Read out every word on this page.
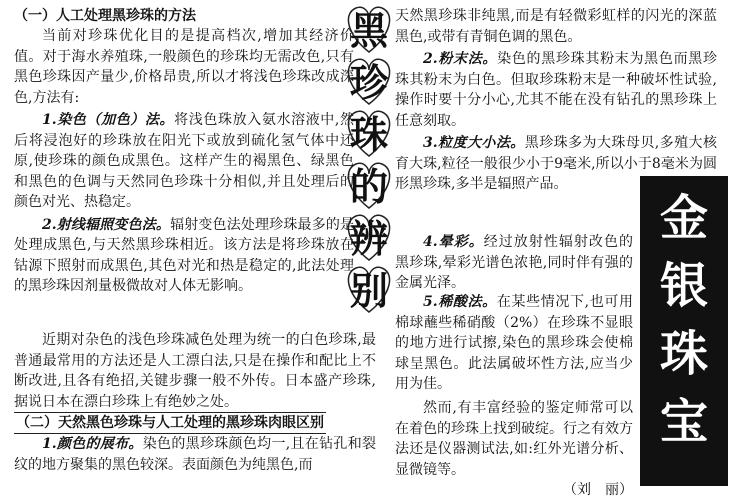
（一）人工处理黑珍珠的方法

当前对珍珠优化目的是提高档次,增加其经济价值。对于海水养殖珠,一般颜色的珍珠均无需改色,只有黑色珍珠因产量少,价格昂贵,所以才将浅色珍珠改成深色,方法有:

1.染色（加色）法。将浅色珠放入氨水溶液中,然后将浸泡好的珍珠放在阳光下或放到硫化氢气体中还原,使珍珠的颜色成黑色。这样产生的褐黑色、绿黑色和黑色的色调与天然同色珍珠十分相似,并且处理后的颜色对光、热稳定。

2.射线辐照变色法。辐射变色法处理珍珠最多的是处理成黑色,与天然黑珍珠相近。该方法是将珍珠放在钴源下照射而成黑色,其色对光和热是稳定的,此法处理的黑珍珠因剂量极微故对人体无影响。

近期对杂色的浅色珍珠减色处理为统一的白色珍珠,最普通最常用的方法还是人工漂白法,只是在操作和配比上不断改进,且各有绝招,关键步骤一般不外传。日本盛产珍珠,据说日本在漂白珍珠上有绝妙之处。

（二）天然黑色珍珠与人工处理的黑珍珠肉眼区别

1.颜色的展布。染色的黑珍珠颜色均一,且在钻孔和裂纹的地方聚集的黑色较深。表面颜色为纯黑色,而

黑
珍
珠
的
辨
别

天然黑珍珠非纯黑,而是有轻微彩虹样的闪光的深蓝黑色,或带有青铜色调的黑色。

2.粉末法。染色的黑珍珠其粉末为黑色而黑珍珠其粉末为白色。但取珍珠粉末是一种破坏性试验,操作时要十分小心,尤其不能在没有钻孔的黑珍珠上任意刻取。

3.粒度大小法。黑珍珠多为大珠母贝,多殖大核育大珠,粒径一般很少小于9毫米,所以小于8毫米为圆形黑珍珠,多半是辐照产品。

4.晕彩。经过放射性辐射改色的黑珍珠,晕彩光谱色浓艳,同时伴有强的金属光泽。

5.稀酸法。在某些情况下,也可用棉球蘸些稀硝酸（2%）在珍珠不显眼的地方进行试擦,染色的黑珍珠会使棉球呈黑色。此法属破坏性方法,应当少用为佳。

然而,有丰富经验的鉴定师常可以在着色的珍珠上找到破绽。行之有效方法还是仪器测试法,如:红外光谱分析、显微镜等。

（刘　丽）
金
银
珠
宝
